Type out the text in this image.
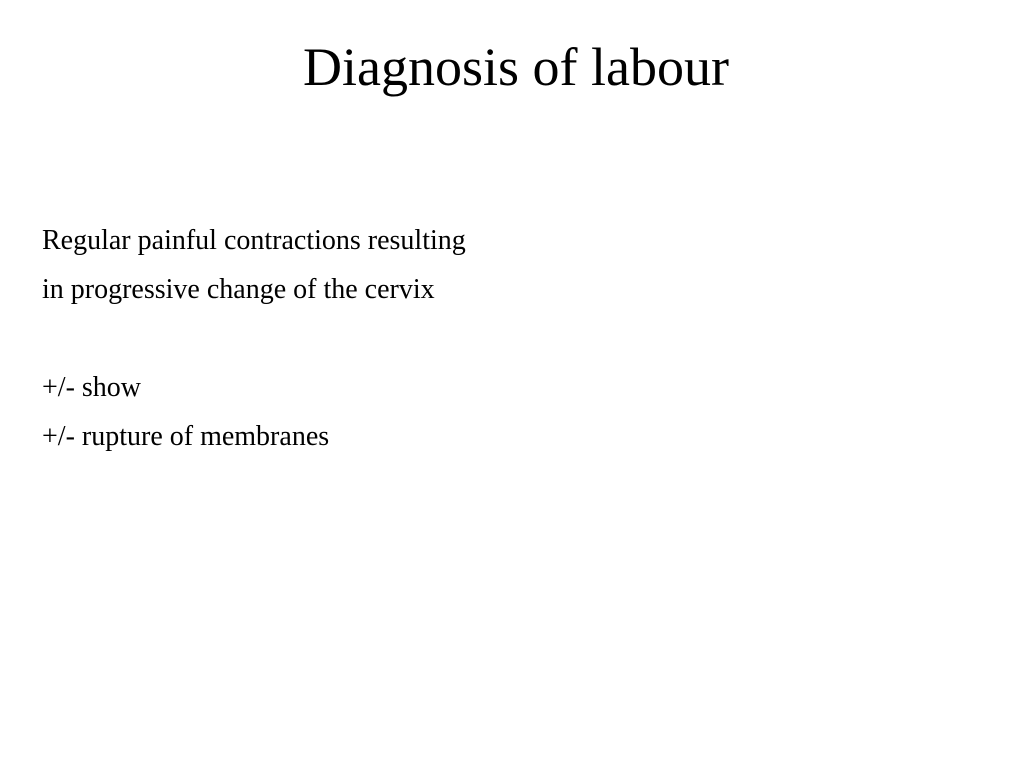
Diagnosis of labour
Regular painful contractions resulting
in progressive change of the cervix
+/- show
+/- rupture of membranes
